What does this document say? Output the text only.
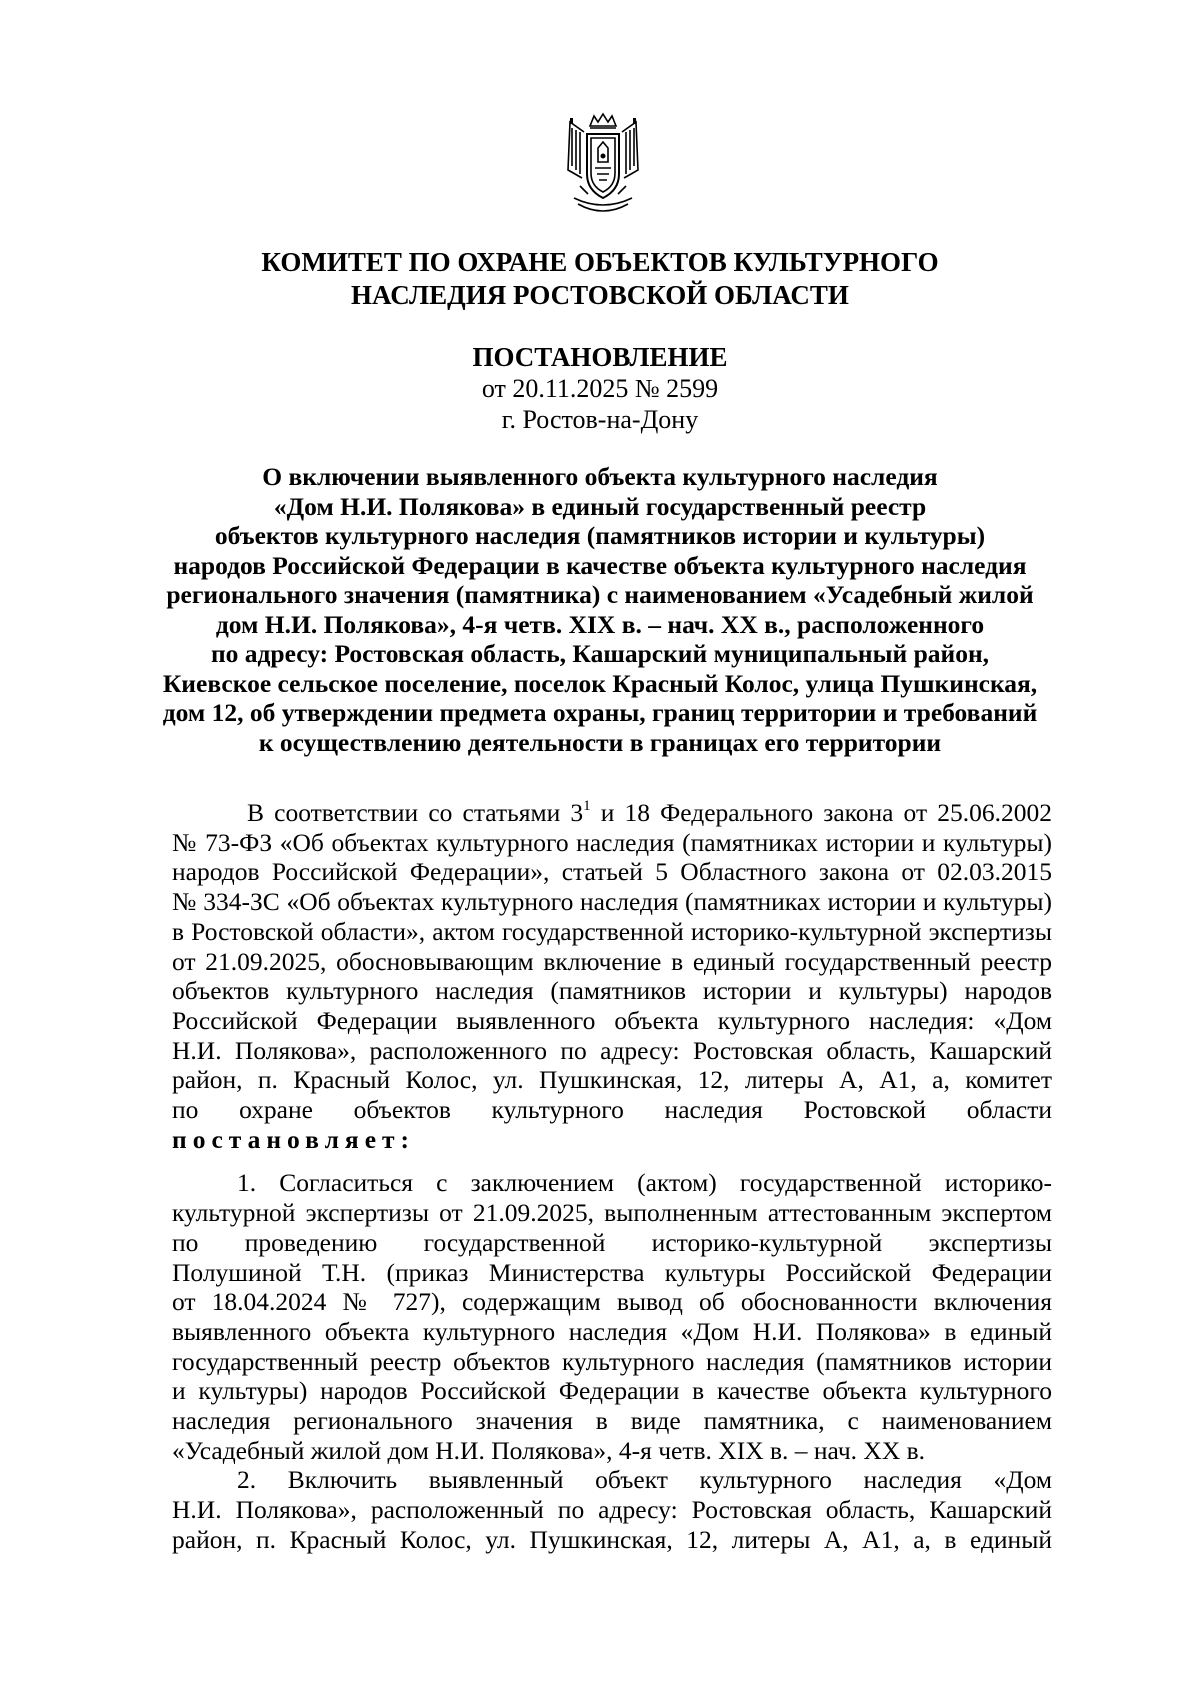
КОМИТЕТ ПО ОХРАНЕ ОБЪЕКТОВ КУЛЬТУРНОГО
НАСЛЕДИЯ РОСТОВСКОЙ ОБЛАСТИ
ПОСТАНОВЛЕНИЕ
от 20.11.2025 № 2599
г. Ростов-на-Дону
О включении выявленного объекта культурного наследия
«Дом Н.И. Полякова» в единый государственный реестр
объектов культурного наследия (памятников истории и культуры)
народов Российской Федерации в качестве объекта культурного наследия
регионального значения (памятника) с наименованием «Усадебный жилой
дом Н.И. Полякова», 4-я четв. XIX в. – нач. XX в., расположенного
по адресу: Ростовская область, Кашарский муниципальный район,
Киевское сельское поселение, поселок Красный Колос, улица Пушкинская,
дом 12, об утверждении предмета охраны, границ территории и требований
к осуществлению деятельности в границах его территории
В соответствии со статьями $3^1$ и 18 Федерального закона от 25.06.2002
№ 73-ФЗ «Об объектах культурного наследия (памятниках истории и культуры)
народов Российской Федерации», статьей 5 Областного закона от 02.03.2015
№ 334-ЗС «Об объектах культурного наследия (памятниках истории и культуры)
в Ростовской области», актом государственной историко-культурной экспертизы
от 21.09.2025, обосновывающим включение в единый государственный реестр
объектов культурного наследия (памятников истории и культуры) народов
Российской Федерации выявленного объекта культурного наследия: «Дом
Н.И. Полякова», расположенного по адресу: Ростовская область, Кашарский
район, п. Красный Колос, ул. Пушкинская, 12, литеры А, А1, а, комитет
по охране объектов культурного наследия Ростовской области
постановляет:
1. Согласиться с заключением (актом) государственной историко-
культурной экспертизы от 21.09.2025, выполненным аттестованным экспертом
по проведению государственной историко-культурной экспертизы
Полушиной Т.Н. (приказ Министерства культуры Российской Федерации
от 18.04.2024 № 727), содержащим вывод об обоснованности включения
выявленного объекта культурного наследия «Дом Н.И. Полякова» в единый
государственный реестр объектов культурного наследия (памятников истории
и культуры) народов Российской Федерации в качестве объекта культурного
наследия регионального значения в виде памятника, с наименованием
«Усадебный жилой дом Н.И. Полякова», 4-я четв. XIX в. – нач. XX в.
2. Включить выявленный объект культурного наследия «Дом
Н.И. Полякова», расположенный по адресу: Ростовская область, Кашарский
район, п. Красный Колос, ул. Пушкинская, 12, литеры А, А1, а, в единый
